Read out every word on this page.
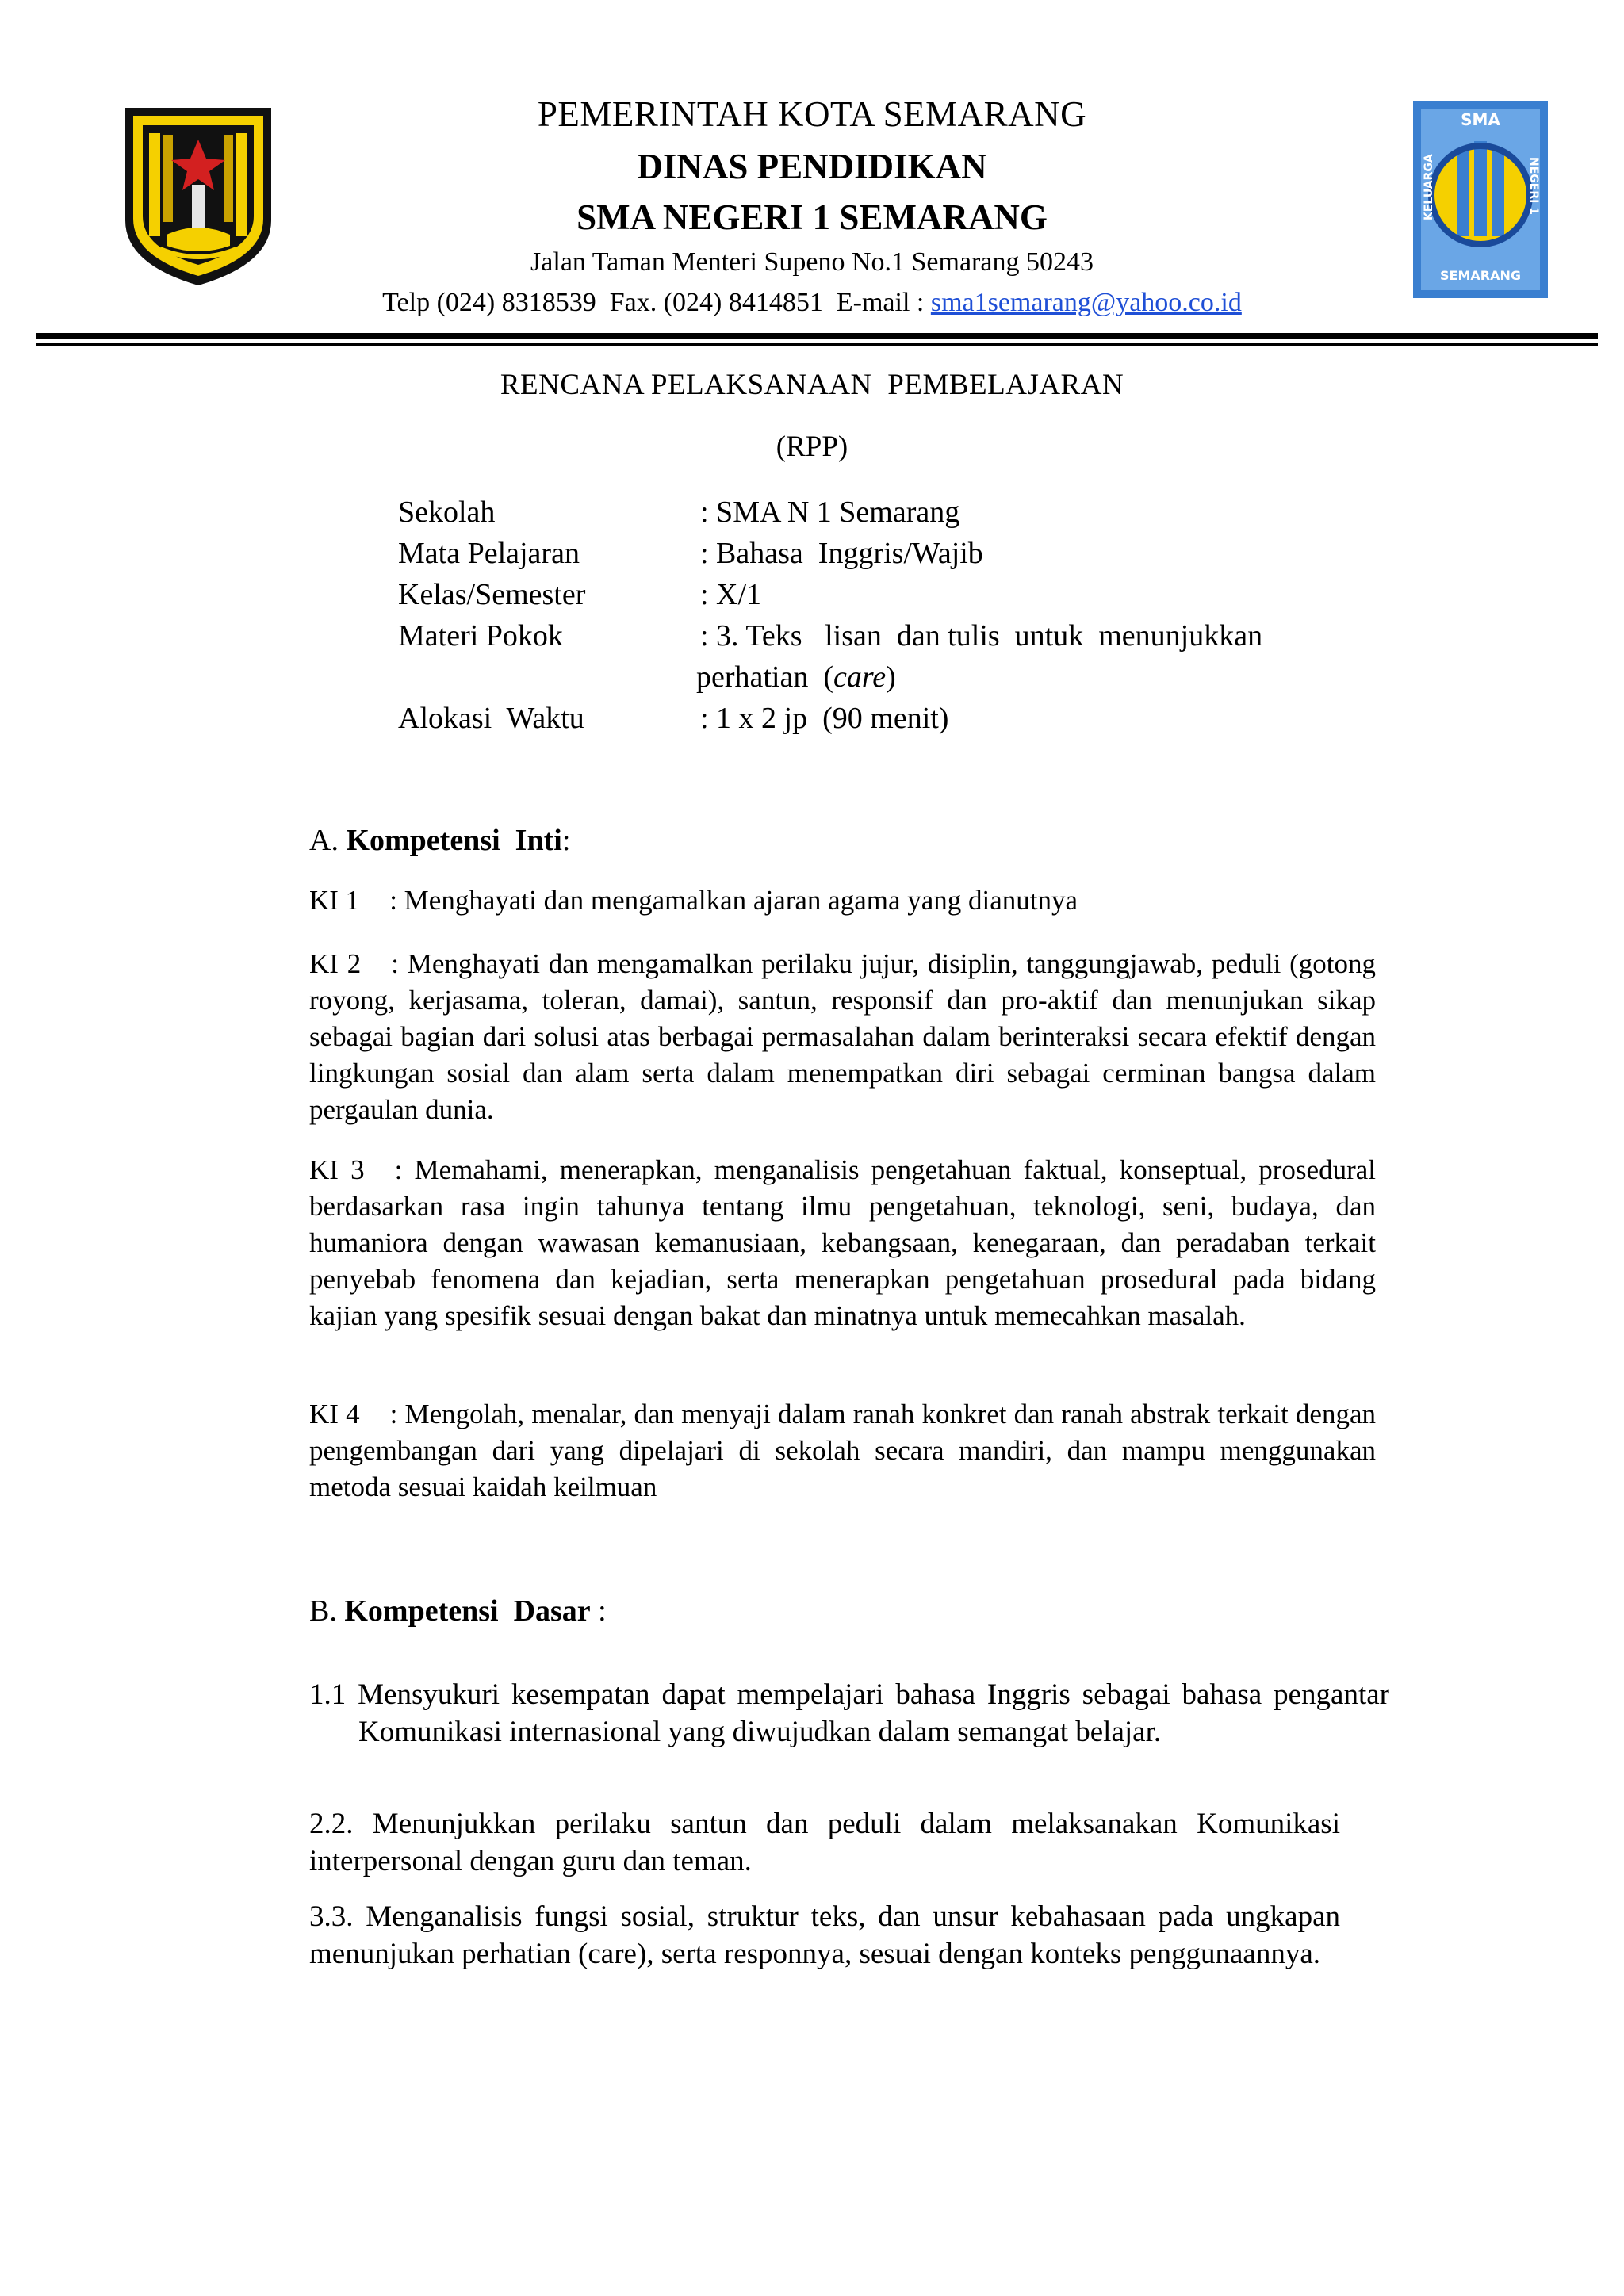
SMA
KELUARGA	NEGERI 1
SEMARANG
PEMERINTAH KOTA SEMARANG
DINAS PENDIDIKAN
SMA NEGERI 1 SEMARANG
Jalan Taman Menteri Supeno No.1 Semarang 50243
Telp (024) 8318539  Fax. (024) 8414851  E-mail : sma1semarang@yahoo.co.id
RENCANA PELAKSANAAN  PEMBELAJARAN
(RPP)
Sekolah	: SMA N 1 Semarang
Mata Pelajaran	: Bahasa  Inggris/Wajib
Kelas/Semester	: X/1
Materi Pokok	: 3. Teks   lisan  dan tulis  untuk  menunjukkan
perhatian  (care)
Alokasi  Waktu	: 1 x 2 jp  (90 menit)
A. Kompetensi  Inti:

KI 1 : Menghayati dan mengamalkan ajaran agama yang dianutnya

KI 2 : Menghayati dan mengamalkan perilaku jujur, disiplin, tanggungjawab, peduli (gotong royong, kerjasama, toleran, damai), santun, responsif dan pro-aktif dan menunjukan sikap sebagai bagian dari solusi atas berbagai permasalahan dalam berinteraksi secara efektif dengan lingkungan sosial dan alam serta dalam menempatkan diri sebagai cerminan bangsa dalam pergaulan dunia.

KI 3 : Memahami, menerapkan, menganalisis pengetahuan faktual, konseptual, prosedural berdasarkan rasa ingin tahunya tentang ilmu pengetahuan, teknologi, seni, budaya, dan humaniora dengan wawasan kemanusiaan, kebangsaan, kenegaraan, dan peradaban terkait penyebab fenomena dan kejadian, serta menerapkan pengetahuan prosedural pada bidang kajian yang spesifik sesuai dengan bakat dan minatnya untuk memecahkan masalah.

KI 4 : Mengolah, menalar, dan menyaji dalam ranah konkret dan ranah abstrak terkait dengan pengembangan dari yang dipelajari di sekolah secara mandiri, dan mampu menggunakan metoda sesuai kaidah keilmuan

B. Kompetensi  Dasar :

1.1 Mensyukuri kesempatan dapat mempelajari bahasa Inggris sebagai bahasa pengantar Komunikasi internasional yang diwujudkan dalam semangat belajar.

2.2. Menunjukkan perilaku santun dan peduli dalam melaksanakan Komunikasi interpersonal dengan guru dan teman.

3.3. Menganalisis fungsi sosial, struktur teks, dan unsur kebahasaan pada ungkapan menunjukan perhatian (care), serta responnya, sesuai dengan konteks penggunaannya.
